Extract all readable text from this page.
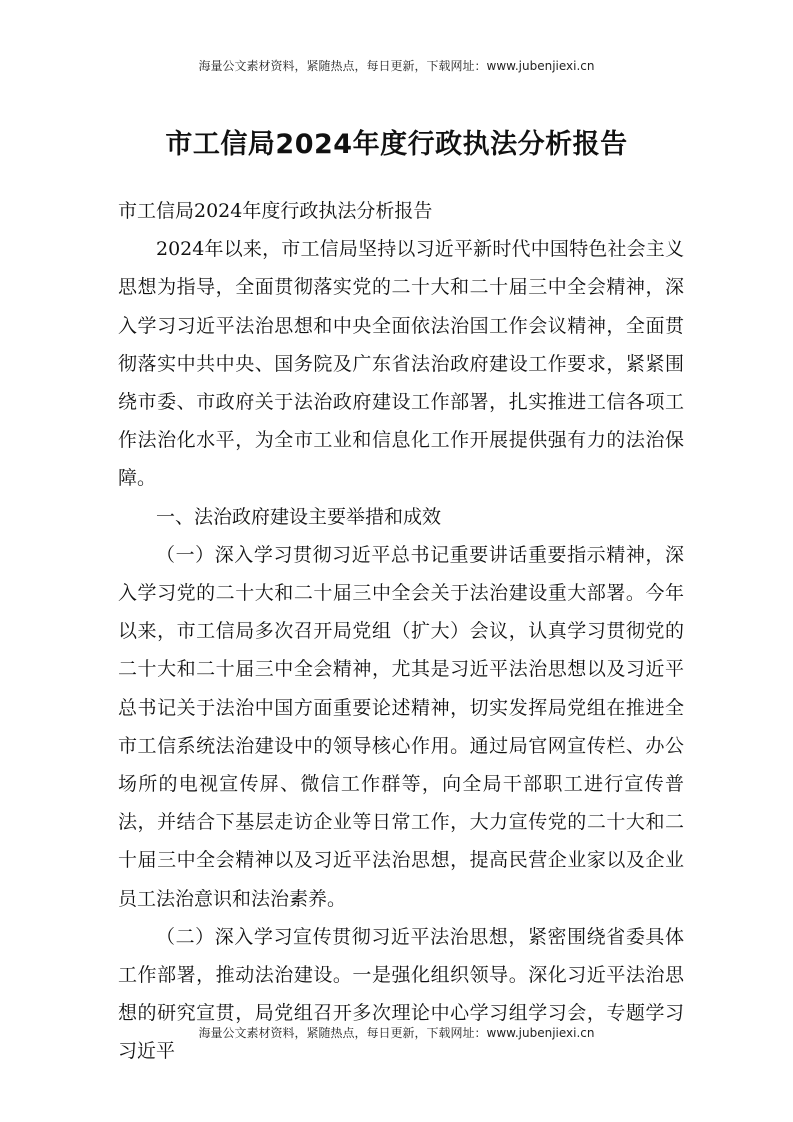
海量公文素材资料，紧随热点，每日更新，下载网址：www.jubenjiexi.cn
市工信局2024年度行政执法分析报告

市工信局2024年度行政执法分析报告

2024年以来，市工信局坚持以习近平新时代中国特色社会主义思想为指导，全面贯彻落实党的二十大和二十届三中全会精神，深入学习习近平法治思想和中央全面依法治国工作会议精神，全面贯彻落实中共中央、国务院及广东省法治政府建设工作要求，紧紧围绕市委、市政府关于法治政府建设工作部署，扎实推进工信各项工作法治化水平，为全市工业和信息化工作开展提供强有力的法治保障。

一、法治政府建设主要举措和成效

（一）深入学习贯彻习近平总书记重要讲话重要指示精神，深入学习党的二十大和二十届三中全会关于法治建设重大部署。今年以来，市工信局多次召开局党组（扩大）会议，认真学习贯彻党的二十大和二十届三中全会精神，尤其是习近平法治思想以及习近平总书记关于法治中国方面重要论述精神，切实发挥局党组在推进全市工信系统法治建设中的领导核心作用。通过局官网宣传栏、办公场所的电视宣传屏、微信工作群等，向全局干部职工进行宣传普法，并结合下基层走访企业等日常工作，大力宣传党的二十大和二十届三中全会精神以及习近平法治思想，提高民营企业家以及企业员工法治意识和法治素养。

（二）深入学习宣传贯彻习近平法治思想，紧密围绕省委具体工作部署，推动法治建设。一是强化组织领导。深化习近平法治思想的研究宣贯，局党组召开多次理论中心学习组学习会，专题学习习近平

海量公文素材资料，紧随热点，每日更新，下载网址：www.jubenjiexi.cn
